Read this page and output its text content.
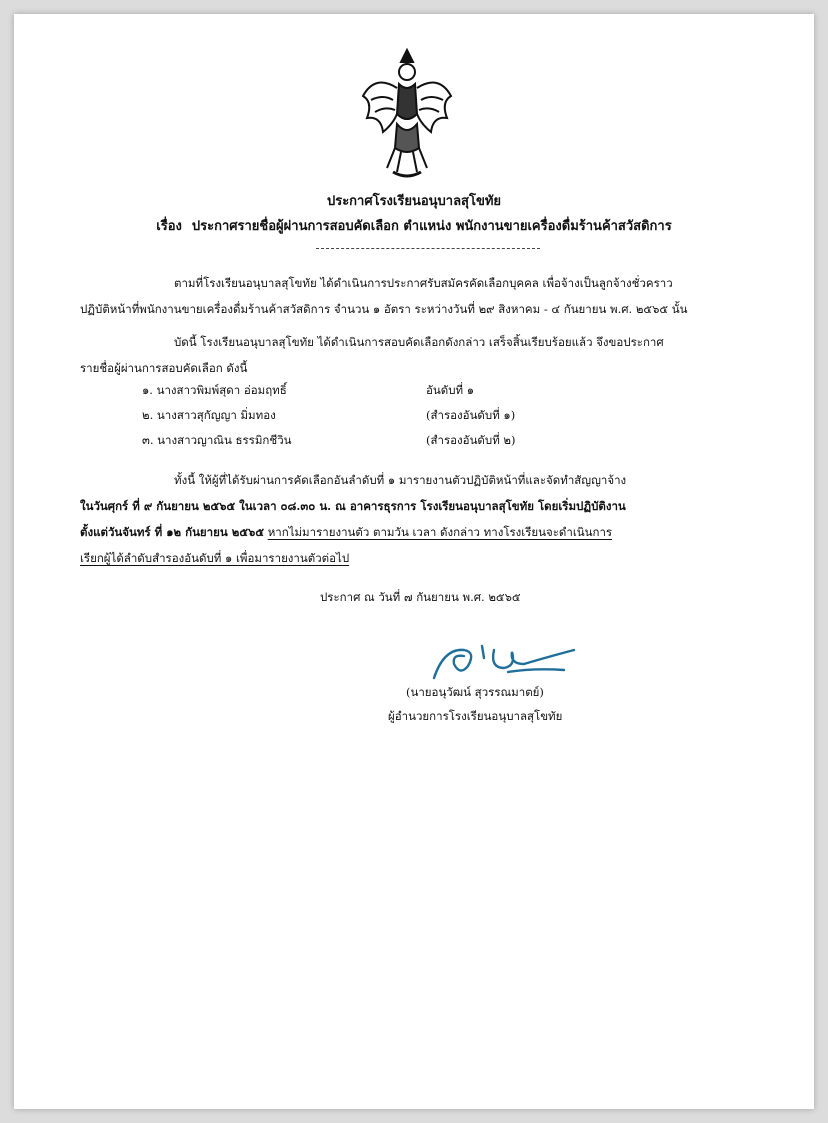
ประกาศโรงเรียนอนุบาลสุโขทัย
เรื่อง ประกาศรายชื่อผู้ผ่านการสอบคัดเลือก ตำแหน่ง พนักงานขายเครื่องดื่มร้านค้าสวัสดิการ
ตามที่โรงเรียนอนุบาลสุโขทัย ได้ดำเนินการประกาศรับสมัครคัดเลือกบุคคล เพื่อจ้างเป็นลูกจ้างชั่วคราว
ปฏิบัติหน้าที่พนักงานขายเครื่องดื่มร้านค้าสวัสดิการ จำนวน ๑ อัตรา ระหว่างวันที่ ๒๙ สิงหาคม - ๔ กันยายน พ.ศ. ๒๕๖๕ นั้น
บัดนี้ โรงเรียนอนุบาลสุโขทัย ได้ดำเนินการสอบคัดเลือกดังกล่าว เสร็จสิ้นเรียบร้อยแล้ว จึงขอประกาศ
รายชื่อผู้ผ่านการสอบคัดเลือก ดังนี้
๑. นางสาวพิมพ์สุดา อ่อมฤทธิ์	อันดับที่ ๑
๒. นางสาวสุกัญญา มิ่มทอง	(สำรองอันดับที่ ๑)
๓. นางสาวญาณิน ธรรมิกชีวิน	(สำรองอันดับที่ ๒)
ทั้งนี้ ให้ผู้ที่ได้รับผ่านการคัดเลือกอันลำดับที่ ๑ มารายงานตัวปฏิบัติหน้าที่และจัดทำสัญญาจ้าง
ในวันศุกร์ ที่ ๙ กันยายน ๒๕๖๕ ในเวลา ๐๘.๓๐ น. ณ อาคารธุรการ โรงเรียนอนุบาลสุโขทัย โดยเริ่มปฏิบัติงาน
ตั้งแต่วันจันทร์ ที่ ๑๒ กันยายน ๒๕๖๕ หากไม่มารายงานตัว ตามวัน เวลา ดังกล่าว ทางโรงเรียนจะดำเนินการ
เรียกผู้ได้ลำดับสำรองอันดับที่ ๑ เพื่อมารายงานตัวต่อไป
ประกาศ ณ วันที่ ๗ กันยายน พ.ศ. ๒๕๖๕
(นายอนุวัฒน์ สุวรรณมาตย์)
ผู้อำนวยการโรงเรียนอนุบาลสุโขทัย
